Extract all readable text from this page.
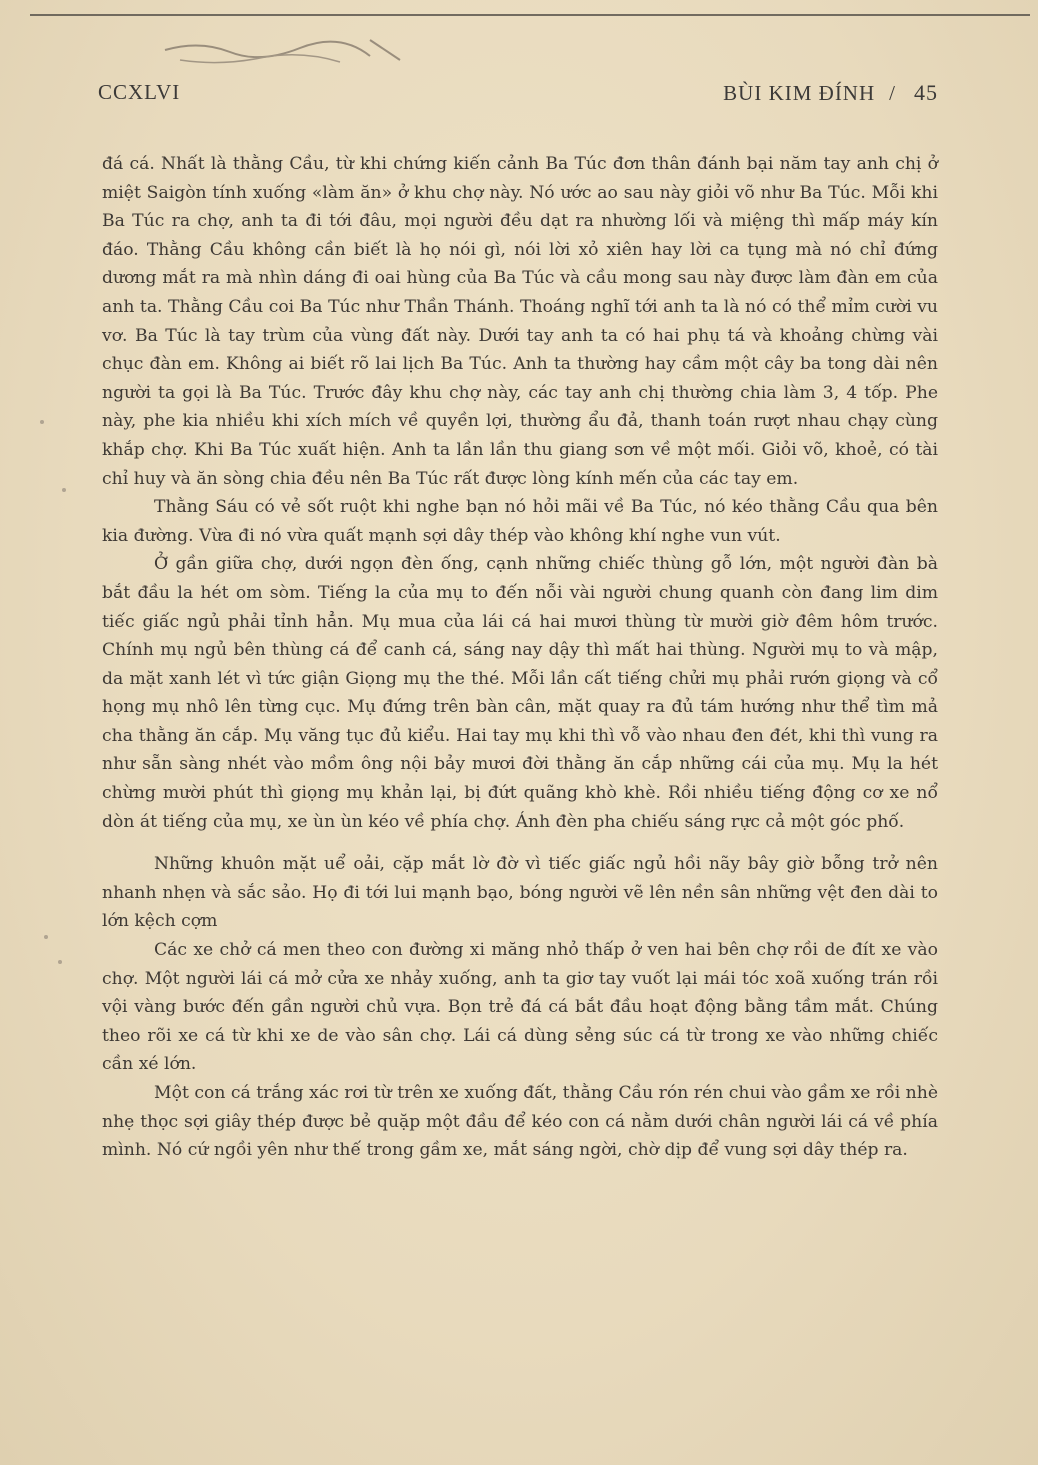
CCXLVI	BÙI KIM ĐÍNH / 45

đá cá. Nhất là thằng Cầu, từ khi chứng kiến cảnh Ba Túc đơn thân đánh bại năm tay anh chị ở miệt Saigòn tính xuống «làm ăn» ở khu chợ này. Nó ước ao sau này giỏi võ như Ba Túc. Mỗi khi Ba Túc ra chợ, anh ta đi tới đâu, mọi người đều dạt ra nhường lối và miệng thì mấp máy kín đáo. Thằng Cầu không cần biết là họ nói gì, nói lời xỏ xiên hay lời ca tụng mà nó chỉ đứng dương mắt ra mà nhìn dáng đi oai hùng của Ba Túc và cầu mong sau này được làm đàn em của anh ta. Thằng Cầu coi Ba Túc như Thần Thánh. Thoáng nghĩ tới anh ta là nó có thể mỉm cười vu vơ. Ba Túc là tay trùm của vùng đất này. Dưới tay anh ta có hai phụ tá và khoảng chừng vài chục đàn em. Không ai biết rõ lai lịch Ba Túc. Anh ta thường hay cầm một cây ba tong dài nên người ta gọi là Ba Túc. Trước đây khu chợ này, các tay anh chị thường chia làm 3, 4 tốp. Phe này, phe kia nhiều khi xích mích về quyền lợi, thường ẩu đả, thanh toán rượt nhau chạy cùng khắp chợ. Khi Ba Túc xuất hiện. Anh ta lần lần thu giang sơn về một mối. Giỏi võ, khoẻ, có tài chỉ huy và ăn sòng chia đều nên Ba Túc rất được lòng kính mến của các tay em.

Thằng Sáu có vẻ sốt ruột khi nghe bạn nó hỏi mãi về Ba Túc, nó kéo thằng Cầu qua bên kia đường. Vừa đi nó vừa quất mạnh sợi dây thép vào không khí nghe vun vút.

Ở gần giữa chợ, dưới ngọn đèn ống, cạnh những chiếc thùng gỗ lớn, một người đàn bà bắt đầu la hét om sòm. Tiếng la của mụ to đến nỗi vài người chung quanh còn đang lim dim tiếc giấc ngủ phải tỉnh hẳn. Mụ mua của lái cá hai mươi thùng từ mười giờ đêm hôm trước. Chính mụ ngủ bên thùng cá để canh cá, sáng nay dậy thì mất hai thùng. Người mụ to và mập, da mặt xanh lét vì tức giận Giọng mụ the thé. Mỗi lần cất tiếng chửi mụ phải rướn giọng và cổ họng mụ nhô lên từng cục. Mụ đứng trên bàn cân, mặt quay ra đủ tám hướng như thể tìm mả cha thằng ăn cắp. Mụ văng tục đủ kiểu. Hai tay mụ khi thì vỗ vào nhau đen đét, khi thì vung ra như sẵn sàng nhét vào mồm ông nội bảy mươi đời thằng ăn cắp những cái của mụ. Mụ la hét chừng mười phút thì giọng mụ khản lại, bị đứt quãng khò khè. Rồi nhiều tiếng động cơ xe nổ dòn át tiếng của mụ, xe ùn ùn kéo về phía chợ. Ánh đèn pha chiếu sáng rực cả một góc phố.

Những khuôn mặt uể oải, cặp mắt lờ đờ vì tiếc giấc ngủ hồi nãy bây giờ bỗng trở nên nhanh nhẹn và sắc sảo. Họ đi tới lui mạnh bạo, bóng người vẽ lên nền sân những vệt đen dài to lớn kệch cợm

Các xe chở cá men theo con đường xi măng nhỏ thấp ở ven hai bên chợ rồi de đít xe vào chợ. Một người lái cá mở cửa xe nhảy xuống, anh ta giơ tay vuốt lại mái tóc xoã xuống trán rồi vội vàng bước đến gần người chủ vựa. Bọn trẻ đá cá bắt đầu hoạt động bằng tầm mắt. Chúng theo rõi xe cá từ khi xe de vào sân chợ. Lái cá dùng sẻng súc cá từ trong xe vào những chiếc cần xé lớn.

Một con cá trắng xác rơi từ trên xe xuống đất, thằng Cầu rón rén chui vào gầm xe rồi nhè nhẹ thọc sợi giây thép được bẻ quặp một đầu để kéo con cá nằm dưới chân người lái cá về phía mình. Nó cứ ngồi yên như thế trong gầm xe, mắt sáng ngời, chờ dịp để vung sợi dây thép ra.
